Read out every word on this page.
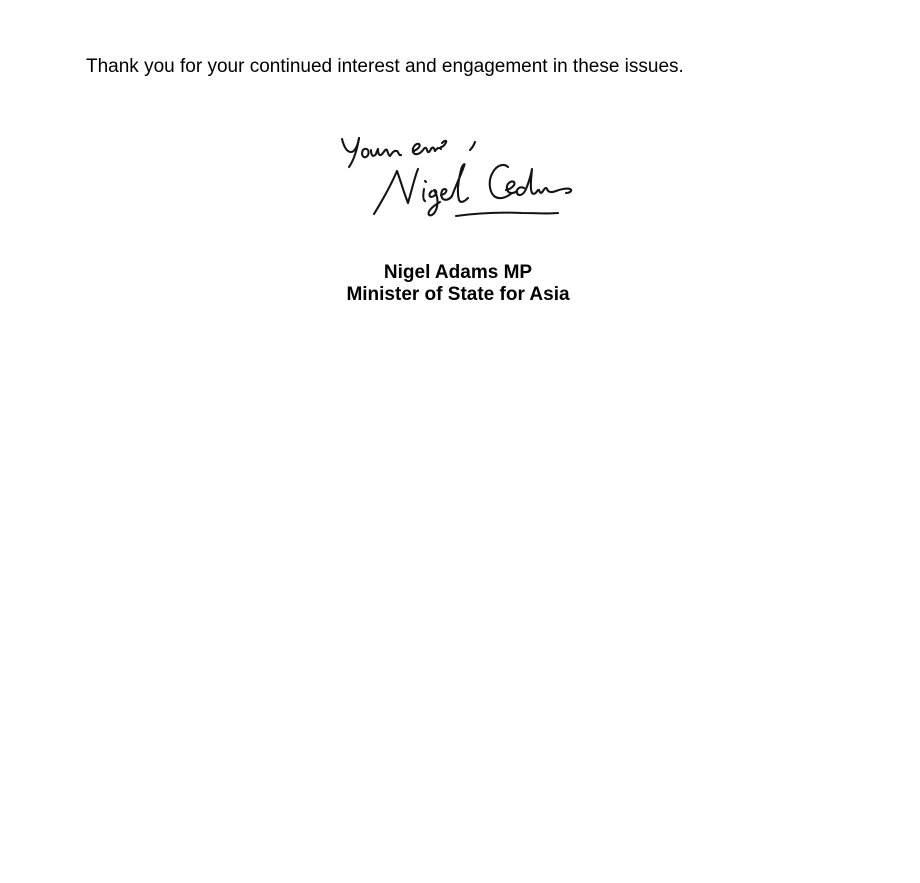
Thank you for your continued interest and engagement in these issues.

Nigel Adams MP
Minister of State for Asia
